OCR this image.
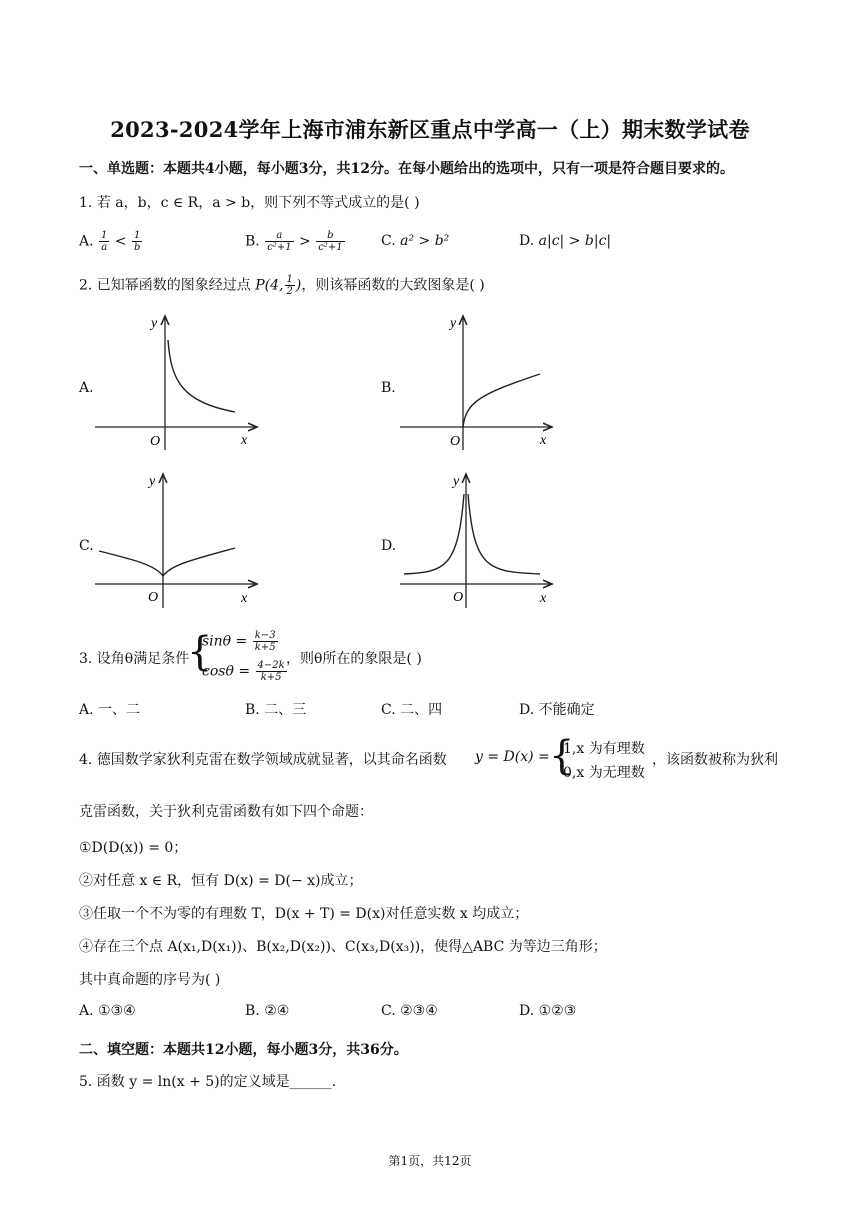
2023-2024学年上海市浦东新区重点中学高一（上）期末数学试卷
一、单选题：本题共4小题，每小题3分，共12分。在每小题给出的选项中，只有一项是符合题目要求的。
1. 若 a，b，c ∈ R，a > b，则下列不等式成立的是( )
A. $\frac{1}{a} < \frac{1}{b}$	B. $\frac{a}{\text{c²+1}} > \frac{b}{\text{c²+1}}$	C. a² > b²	D. a|c| > b|c|
2. 已知幂函数的图象经过点 P(4, $\frac{1}{2}$ )，则该幂函数的大致图象是( )
A.	B.
C.	D.
y
x
O
y
x
O
y
x
O
y
x
O
3. 设角θ满足条件
{
$\sin\theta = \frac{k-3}{k+5}$
$\cos\theta = \frac{4-2k}{k+5}$
，则θ所在的象限是( )
A. 一、二	B. 二、三	C. 二、四	D. 不能确定
4. 德国数学家狄利克雷在数学领域成就显著，以其命名函数 y = D(x) = {
1,x 为有理数
0,x 为无理数
，该函数被称为狄利
克雷函数，关于狄利克雷函数有如下四个命题：
①D(D(x)) = 0；
②对任意 x ∈ R，恒有 D(x) = D(− x)成立；
③任取一个不为零的有理数 T，D(x + T) = D(x)对任意实数 x 均成立；
④存在三个点 A(x₁,D(x₁))、B(x₂,D(x₂))、C(x₃,D(x₃))，使得△ABC 为等边三角形；
其中真命题的序号为( )
A. ①③④	B. ②④	C. ②③④	D. ①②③
二、填空题：本题共12小题，每小题3分，共36分。
5. 函数 y = ln(x + 5)的定义域是______.
第1页，共12页
